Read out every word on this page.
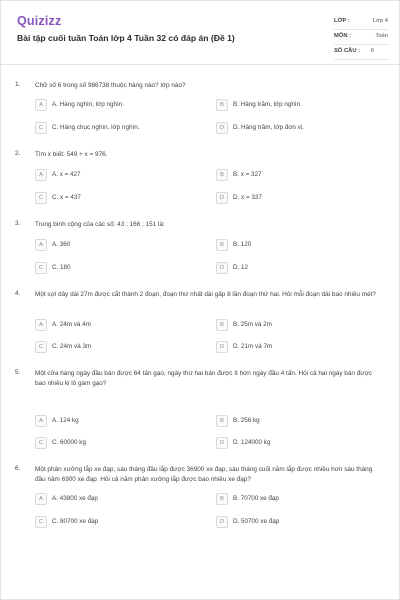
Quizizz
Bài tập cuối tuần Toán lớp 4 Tuần 32 có đáp án (Đề 1)
LỚP :	Lớp 4
MÔN :	Toán
SỐ CÂU : 6
1. Chữ số 6 trong số 986738 thuộc hàng nào? lớp nào?
A	A. Hàng nghìn, lớp nghìn.	B	B. Hàng trăm, lớp nghìn.
C	C. Hàng chục nghìn, lớp nghìn.	D	D. Hàng trăm, lớp đơn vị.
2. Tìm x biết: 549 + x = 976.
A	A. x = 427	B	B. x = 327
C	C. x = 437	D	D. x = 337
3. Trung bình cộng của các số: 43 ; 166 ; 151 là:
A	A. 360	B	B. 120
C	C. 180	D	D. 12
4. Một sợi dây dài 27m được cắt thành 2 đoạn, đoạn thứ nhất dài gấp 8 lần đoạn thứ hai. Hỏi mỗi đoạn dài bao nhiêu mét?
A	A. 24m và 4m	B	B. 25m và 2m
C	C. 24m và 3m	D	D. 21m và 7m
5. Một cửa hàng ngày đầu bán được 64 tấn gạo, ngày thứ hai bán được ít hơn ngày đầu 4 tấn. Hỏi cả hai ngày bán được bao nhiêu ki lô gam gạo?
A	A. 124 kg	B	B. 256 kg
C	C. 60000 kg	D	D. 124000 kg
6. Một phân xưởng lắp xe đạp, sáu tháng đầu lắp được 36900 xe đạp, sáu tháng cuối năm lắp được nhiều hơn sáu tháng đầu năm 6900 xe đạp. Hỏi cả năm phân xưởng lắp được bao nhiêu xe đạp?
A	A. 43800 xe đạp	B	B. 70700 xe đạp
C	C. 80700 xe đạp	D	D. 50700 xe đạp
